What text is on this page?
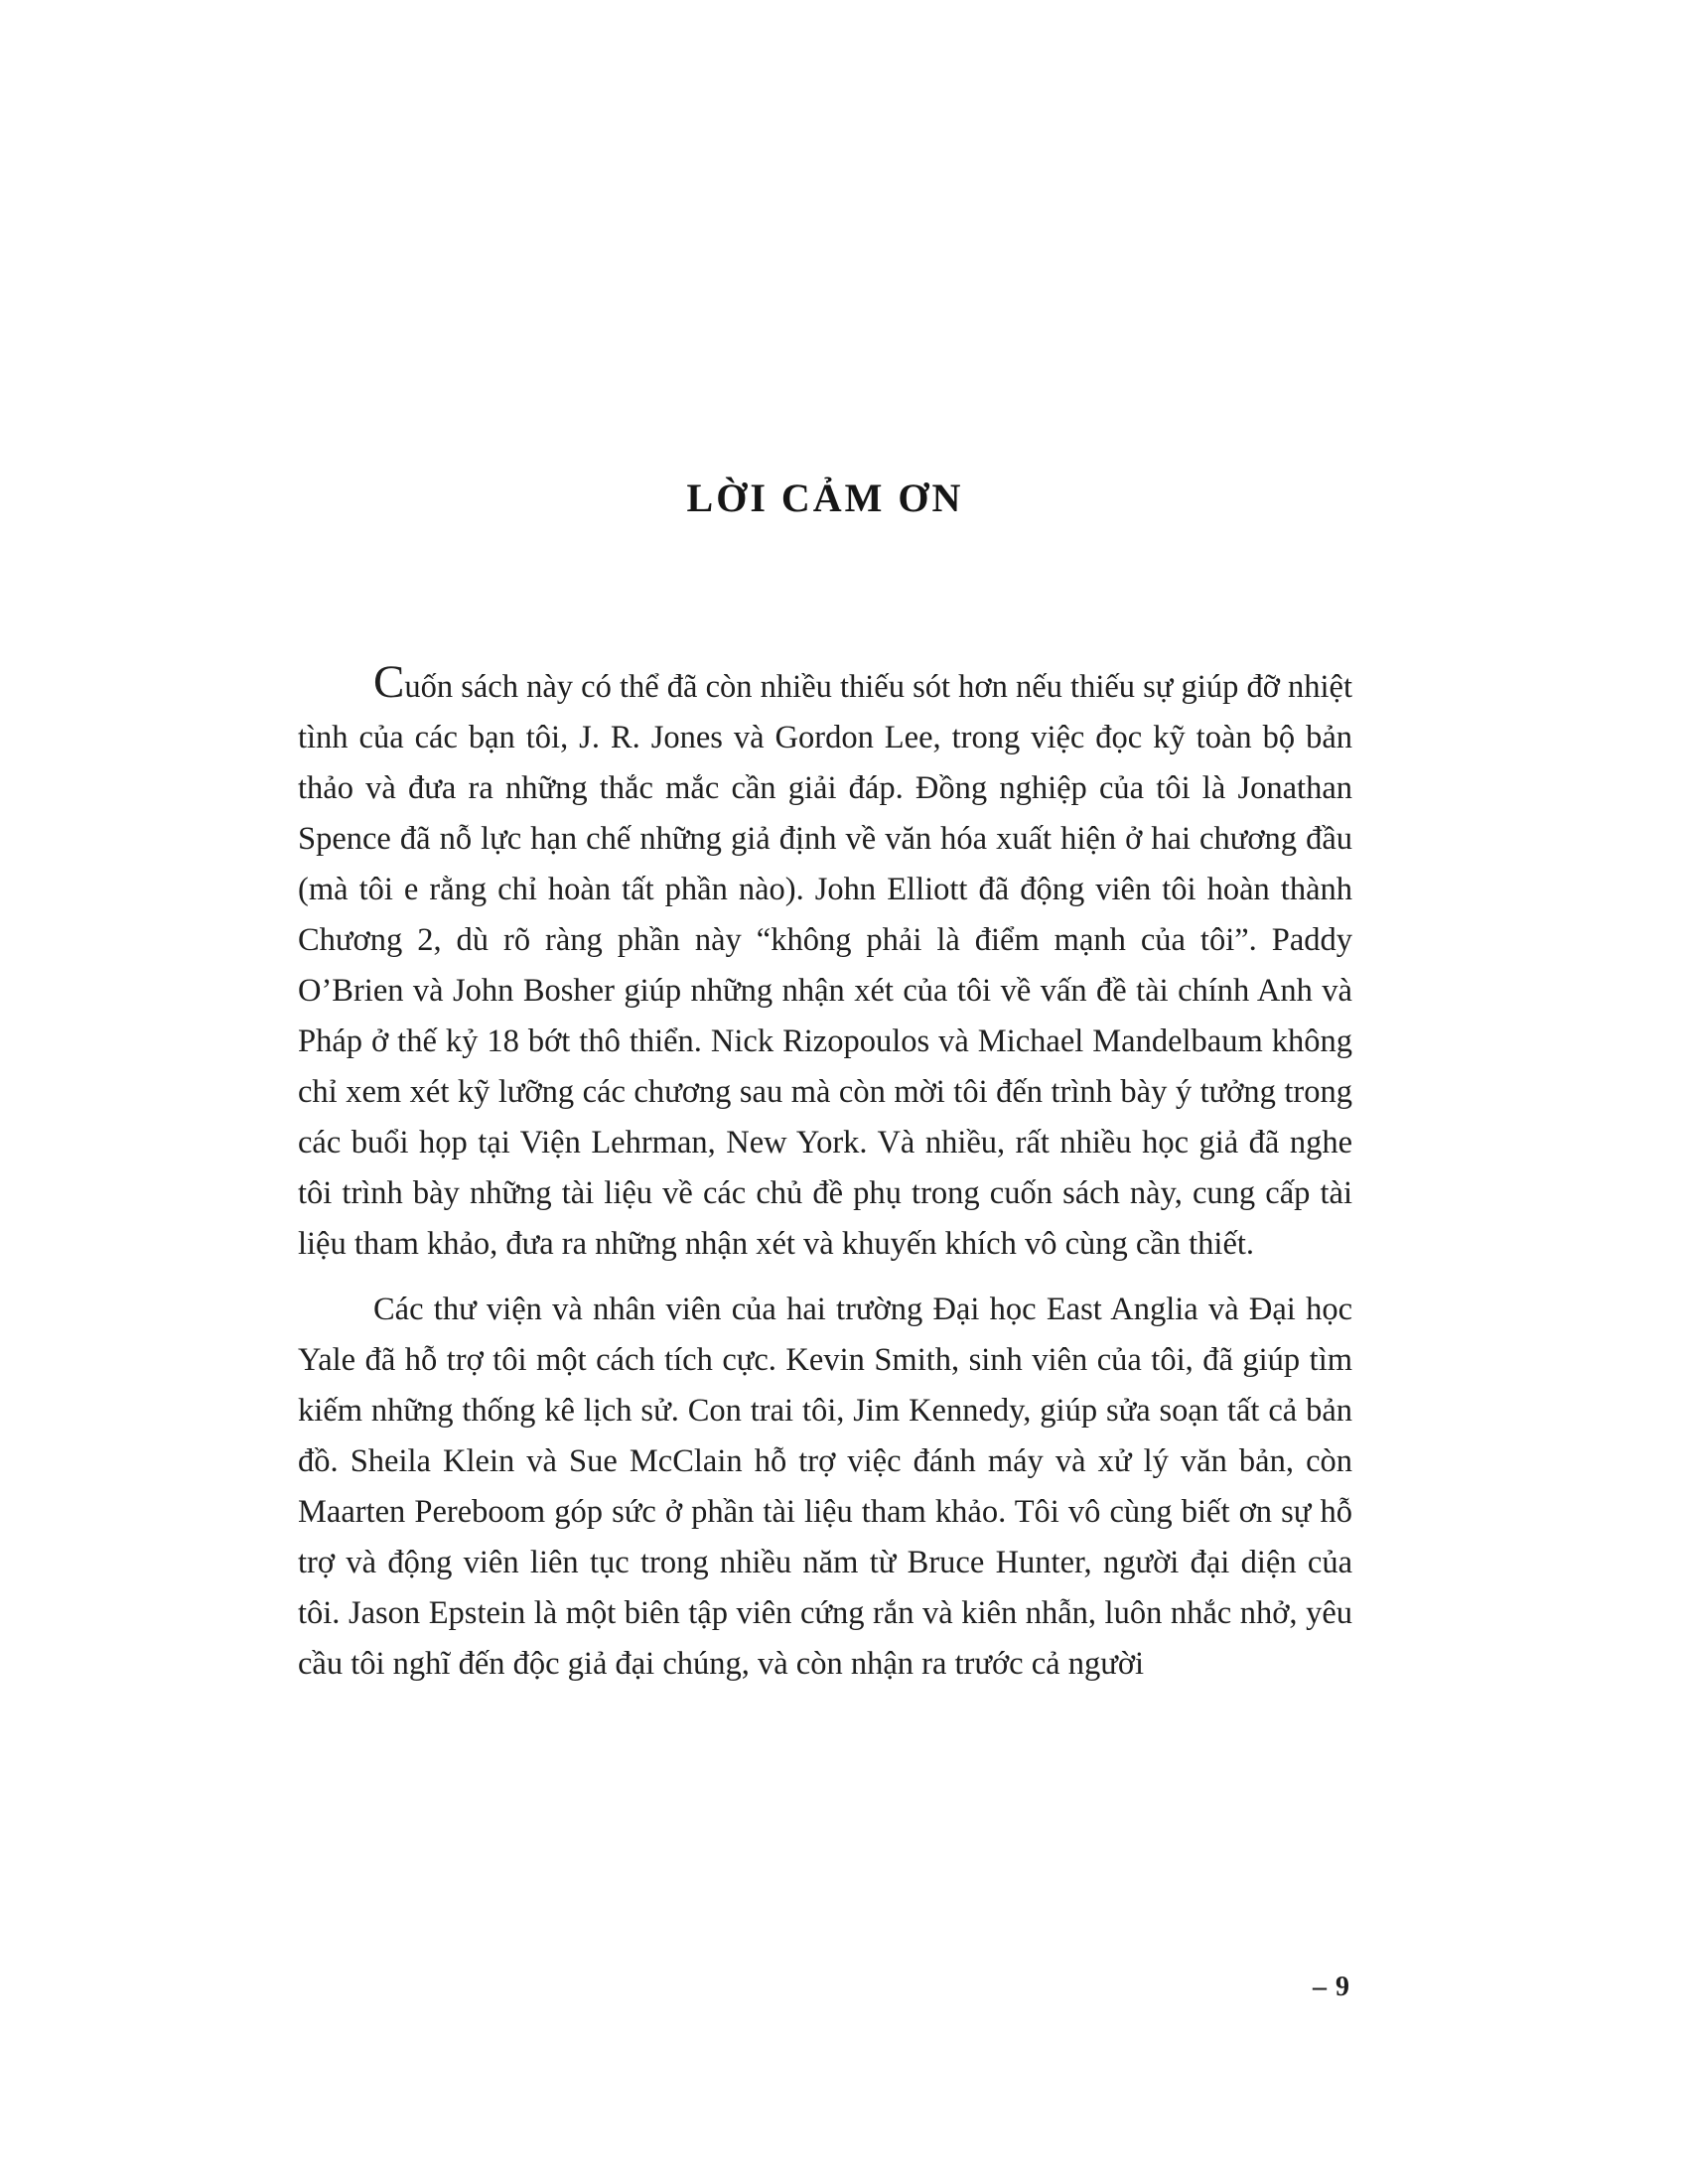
LỜI CẢM ƠN

Cuốn sách này có thể đã còn nhiều thiếu sót hơn nếu thiếu sự giúp đỡ nhiệt tình của các bạn tôi, J. R. Jones và Gordon Lee, trong việc đọc kỹ toàn bộ bản thảo và đưa ra những thắc mắc cần giải đáp. Đồng nghiệp của tôi là Jonathan Spence đã nỗ lực hạn chế những giả định về văn hóa xuất hiện ở hai chương đầu (mà tôi e rằng chỉ hoàn tất phần nào). John Elliott đã động viên tôi hoàn thành Chương 2, dù rõ ràng phần này “không phải là điểm mạnh của tôi”. Paddy O’Brien và John Bosher giúp những nhận xét của tôi về vấn đề tài chính Anh và Pháp ở thế kỷ 18 bớt thô thiển. Nick Rizopoulos và Michael Mandelbaum không chỉ xem xét kỹ lưỡng các chương sau mà còn mời tôi đến trình bày ý tưởng trong các buổi họp tại Viện Lehrman, New York. Và nhiều, rất nhiều học giả đã nghe tôi trình bày những tài liệu về các chủ đề phụ trong cuốn sách này, cung cấp tài liệu tham khảo, đưa ra những nhận xét và khuyến khích vô cùng cần thiết.

Các thư viện và nhân viên của hai trường Đại học East Anglia và Đại học Yale đã hỗ trợ tôi một cách tích cực. Kevin Smith, sinh viên của tôi, đã giúp tìm kiếm những thống kê lịch sử. Con trai tôi, Jim Kennedy, giúp sửa soạn tất cả bản đồ. Sheila Klein và Sue McClain hỗ trợ việc đánh máy và xử lý văn bản, còn Maarten Pereboom góp sức ở phần tài liệu tham khảo. Tôi vô cùng biết ơn sự hỗ trợ và động viên liên tục trong nhiều năm từ Bruce Hunter, người đại diện của tôi. Jason Epstein là một biên tập viên cứng rắn và kiên nhẫn, luôn nhắc nhở, yêu cầu tôi nghĩ đến độc giả đại chúng, và còn nhận ra trước cả người

– 9
